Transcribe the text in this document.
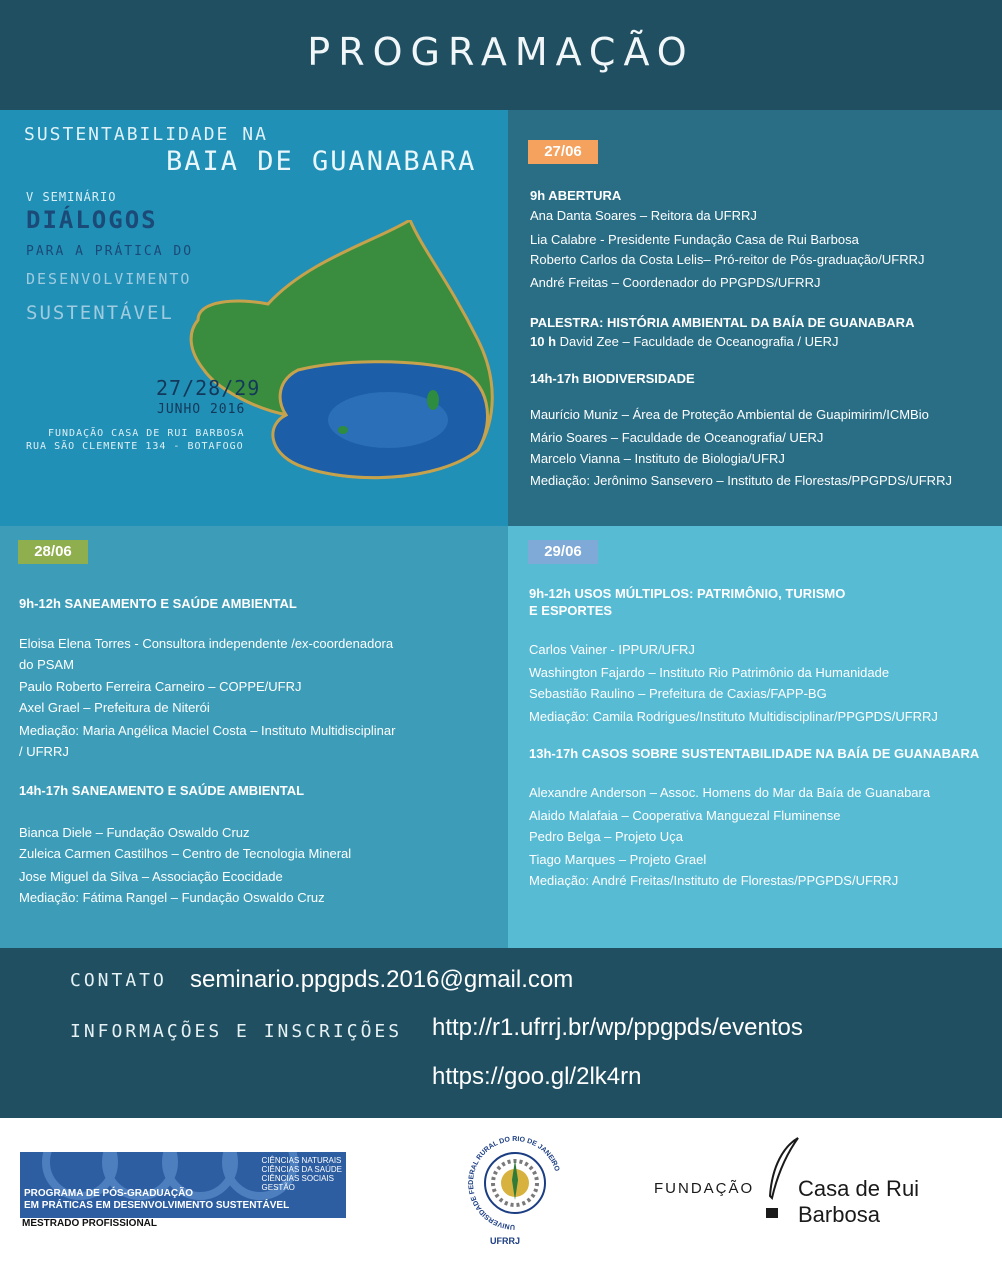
PROGRAMAÇÃO
SUSTENTABILIDADE NA
BAIA DE GUANABARA
V SEMINÁRIO
DIÁLOGOS
PARA A PRÁTICA DO
DESENVOLVIMENTO
SUSTENTÁVEL
27/28/29
JUNHO 2016
FUNDAÇÃO CASA DE RUI BARBOSA
RUA SÃO CLEMENTE 134 - BOTAFOGO
27/06
9h ABERTURA
Ana Danta Soares – Reitora da UFRRJ
Lia Calabre - Presidente Fundação Casa de Rui Barbosa
Roberto Carlos da Costa Lelis– Pró-reitor de Pós-graduação/UFRRJ
André Freitas – Coordenador do PPGPDS/UFRRJ
PALESTRA: HISTÓRIA AMBIENTAL DA BAÍA DE GUANABARA
10 h David Zee – Faculdade de Oceanografia / UERJ
14h-17h BIODIVERSIDADE
Maurício Muniz – Área de Proteção Ambiental de Guapimirim/ICMBio
Mário Soares – Faculdade de Oceanografia/ UERJ
Marcelo Vianna – Instituto de Biologia/UFRJ
Mediação: Jerônimo Sansevero – Instituto de Florestas/PPGPDS/UFRRJ
28/06
9h-12h SANEAMENTO E SAÚDE AMBIENTAL
Eloisa Elena Torres - Consultora independente /ex-coordenadora
do PSAM
Paulo Roberto Ferreira Carneiro – COPPE/UFRJ
Axel Grael – Prefeitura de Niterói
Mediação: Maria Angélica Maciel Costa – Instituto Multidisciplinar
/ UFRRJ
14h-17h SANEAMENTO E SAÚDE AMBIENTAL
Bianca Diele – Fundação Oswaldo Cruz
Zuleica Carmen Castilhos – Centro de Tecnologia Mineral
Jose Miguel da Silva – Associação Ecocidade
Mediação: Fátima Rangel – Fundação Oswaldo Cruz
29/06
9h-12h USOS MÚLTIPLOS: PATRIMÔNIO, TURISMO
E ESPORTES
Carlos Vainer - IPPUR/UFRJ
Washington Fajardo – Instituto Rio Patrimônio da Humanidade
Sebastião Raulino – Prefeitura de Caxias/FAPP-BG
Mediação: Camila Rodrigues/Instituto Multidisciplinar/PPGPDS/UFRRJ
13h-17h CASOS SOBRE SUSTENTABILIDADE NA BAÍA DE GUANABARA
Alexandre Anderson – Assoc. Homens do Mar da Baía de Guanabara
Alaido Malafaia – Cooperativa Manguezal Fluminense
Pedro Belga – Projeto Uça
Tiago Marques – Projeto Grael
Mediação: André Freitas/Instituto de Florestas/PPGPDS/UFRRJ
CONTATO seminario.ppgpds.2016@gmail.com
INFORMAÇÕES E INSCRIÇÕES http://r1.ufrrj.br/wp/ppgpds/eventos
https://goo.gl/2lk4rn
CIÊNCIAS NATURAIS
CIÊNCIAS DA SAÚDE
CIÊNCIAS SOCIAIS
GESTÃO
PROGRAMA DE PÓS-GRADUAÇÃO
EM PRÁTICAS EM DESENVOLVIMENTO SUSTENTÁVEL
MESTRADO PROFISSIONAL	UNIVERSIDADE FEDERAL RURAL DO RIO DE JANEIRO
UFRRJ
FUNDAÇÃO Casa de Rui Barbosa
